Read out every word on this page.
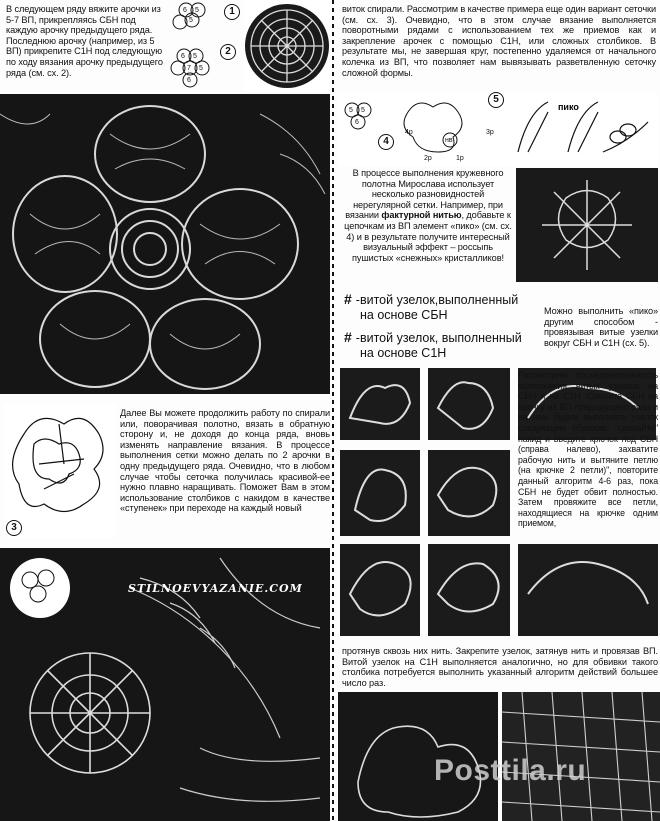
В следующем ряду вяжите арочки из 5-7 ВП, прикрепляясь СБН под каждую арочку предыдущего ряда. Последнюю арочку (например, из 5 ВП) прикрепите С1Н под следующую по ходу вязания арочку предыдущего ряда (см. сх. 2).

6 5
5
6 5
7 5
6
1
2
3

Далее Вы можете продолжить работу по спирали или, поворачивая полотно, вязать в обратную сторону и, не доходя до конца ряда, вновь изменять направление вязания. В процессе выполнения сетки можно делать по 2 арочки в одну предыдущего ряда. Очевидно, что в любом случае чтобы сеточка получилась красивой-ее нужно плавно наращивать. Поможет Вам в этом использование столбиков с накидом в качестве «ступенек» при переходе на каждый новый

STILNOEVYAZANIE.COM

виток спирали. Рассмотрим в качестве примера еще один вариант сеточки (см. сх. 3). Очевидно, что в этом случае вязание выполняется поворотными рядами с использованием тех же приемов как и закрепление арочек с помощью С1Н, или сложных столбиков. В результате мы, не завершая круг, постепенно удаляемся от начального колечка из ВП, что позволяет нам вывязывать разветвленную сеточку сложной формы.

5 5
6
4р	3р
2р	1р
нв
4
пико
5

В процессе выполнения кружевного полотна Мирослава использует несколько разновидностей нерегулярной сетки. Например, при вязании фактурной нитью, добавьте к цепочкам из ВП элемент «пико» (см. сх. 4) и в результате получите интересный визуальный эффект – россыпь пушистых «снежных» кристалликов!

# -витой узелок,выполненный
на основе СБН
# -витой узелок, выполненный
на основе С1Н

Можно выполнить «пико» другим способом - провязывая витые узелки вокруг СБН и С1Н (сх. 5).

Рассмотрим последовательность выполнения витых узелков на СБН и на С1Н. Свяжите СБН на арочку из ВП предыдущего ряда и на нем будем выполнять узелок следующим образом: "сделайте" накид и введите крючок под СБН (справа налево), захватите рабочую нить и вытяните петлю (на крючке 2 петли)", повторите данный алгоритм 4-6 раз, пока СБН не будет обвит полностью. Затем провяжите все петли, находящиеся на крючке одним приемом,

протянув сквозь них нить. Закрепите узелок, затянув нить и провязав ВП. Витой узелок на С1Н выполняется аналогично, но для обвивки такого столбика потребуется выполнить указанный алгоритм действий большее число раз.

Posttila.ru
